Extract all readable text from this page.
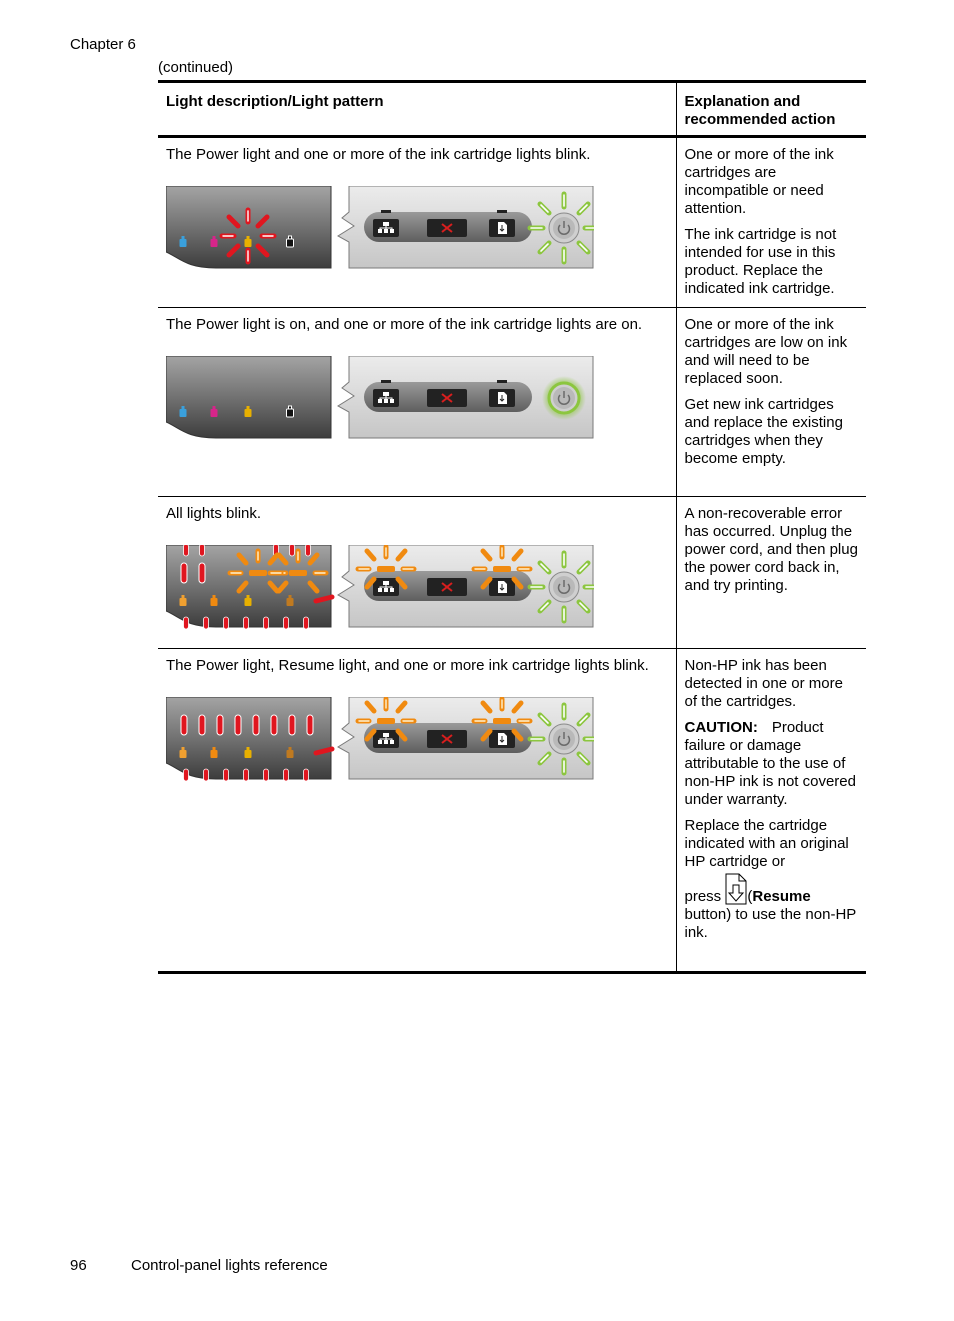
Chapter 6
(continued)
Light description/Light pattern	Explanation and recommended action

The Power light and one or more of the ink cartridge lights blink.	One or more of the ink cartridges are incompatible or need attention.

The ink cartridge is not intended for use in this product. Replace the indicated ink cartridge.

The Power light is on, and one or more of the ink cartridge lights are on.	One or more of the ink cartridges are low on ink and will need to be replaced soon.

Get new ink cartridges and replace the existing cartridges when they become empty.

All lights blink.	A non-recoverable error has occurred. Unplug the power cord, and then plug the power cord back in, and try printing.

The Power light, Resume light, and one or more ink cartridge lights blink.	Non-HP ink has been detected in one or more of the cartridges.

CAUTION: Product failure or damage attributable to the use of non-HP ink is not covered under warranty.

Replace the cartridge indicated with an original HP cartridge or

press (Resume button) to use the non-HP ink.

96	Control-panel lights reference
